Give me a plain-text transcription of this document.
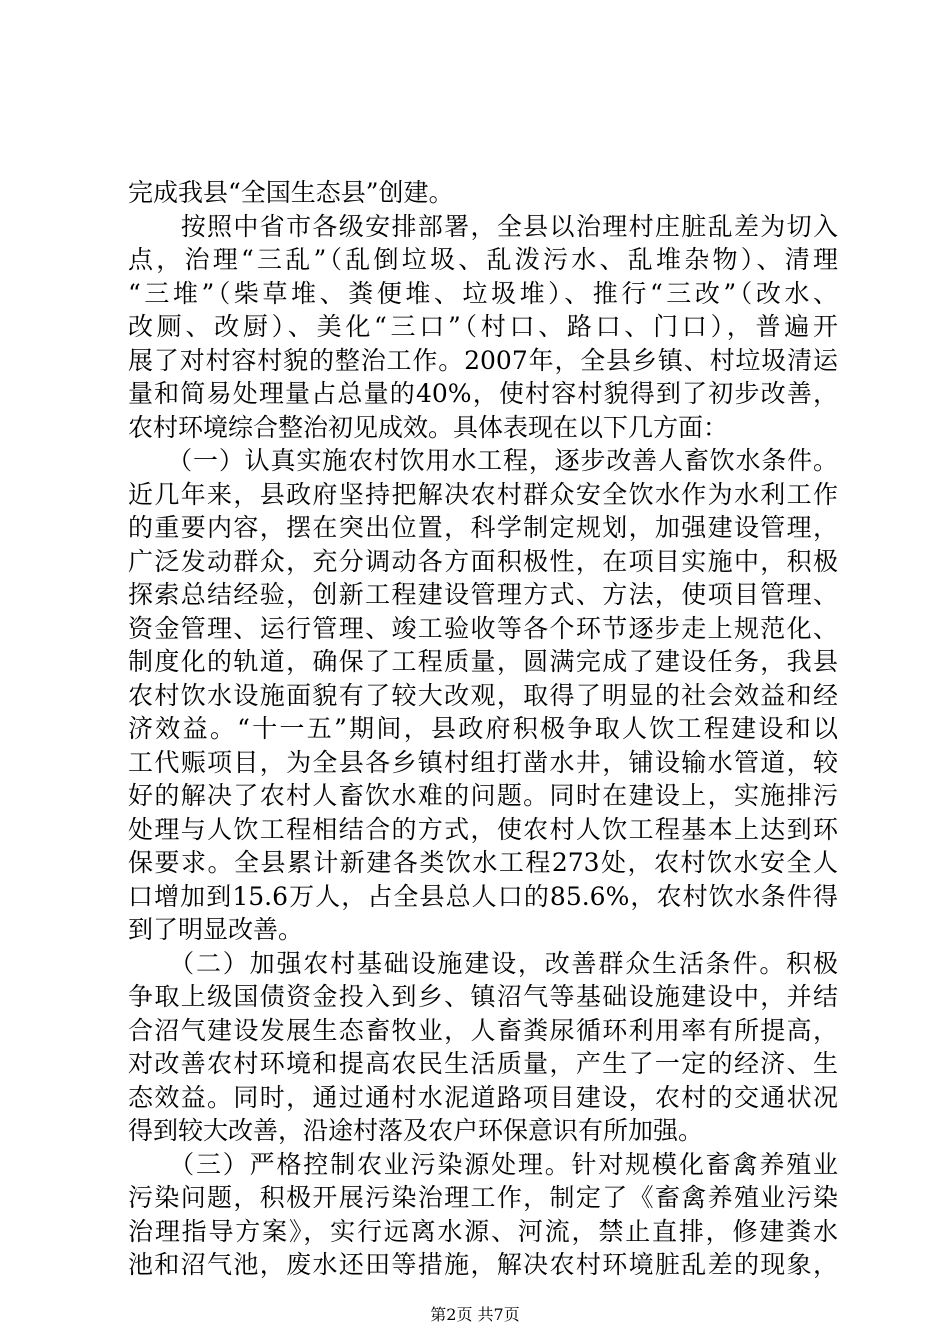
完成我县“全国生态县”创建。
　　按照中省市各级安排部署，全县以治理村庄脏乱差为切入
点，治理“三乱”（乱倒垃圾、乱泼污水、乱堆杂物）、清理
“三堆”（柴草堆、粪便堆、垃圾堆）、推行“三改”（改水、
改厕、改厨）、美化“三口”（村口、路口、门口），普遍开
展了对村容村貌的整治工作。2007年，全县乡镇、村垃圾清运
量和简易处理量占总量的40%，使村容村貌得到了初步改善，
农村环境综合整治初见成效。具体表现在以下几方面：
　　（一）认真实施农村饮用水工程，逐步改善人畜饮水条件。
近几年来，县政府坚持把解决农村群众安全饮水作为水利工作
的重要内容，摆在突出位置，科学制定规划，加强建设管理，
广泛发动群众，充分调动各方面积极性，在项目实施中，积极
探索总结经验，创新工程建设管理方式、方法，使项目管理、
资金管理、运行管理、竣工验收等各个环节逐步走上规范化、
制度化的轨道，确保了工程质量，圆满完成了建设任务，我县
农村饮水设施面貌有了较大改观，取得了明显的社会效益和经
济效益。“十一五”期间，县政府积极争取人饮工程建设和以
工代赈项目，为全县各乡镇村组打凿水井，铺设输水管道，较
好的解决了农村人畜饮水难的问题。同时在建设上，实施排污
处理与人饮工程相结合的方式，使农村人饮工程基本上达到环
保要求。全县累计新建各类饮水工程273处，农村饮水安全人
口增加到15.6万人，占全县总人口的85.6%，农村饮水条件得
到了明显改善。
　　（二）加强农村基础设施建设，改善群众生活条件。积极
争取上级国债资金投入到乡、镇沼气等基础设施建设中，并结
合沼气建设发展生态畜牧业，人畜粪尿循环利用率有所提高，
对改善农村环境和提高农民生活质量，产生了一定的经济、生
态效益。同时，通过通村水泥道路项目建设，农村的交通状况
得到较大改善，沿途村落及农户环保意识有所加强。
　　（三）严格控制农业污染源处理。针对规模化畜禽养殖业
污染问题，积极开展污染治理工作，制定了《畜禽养殖业污染
治理指导方案》，实行远离水源、河流，禁止直排，修建粪水
池和沼气池，废水还田等措施，解决农村环境脏乱差的现象，
第2页 共7页
